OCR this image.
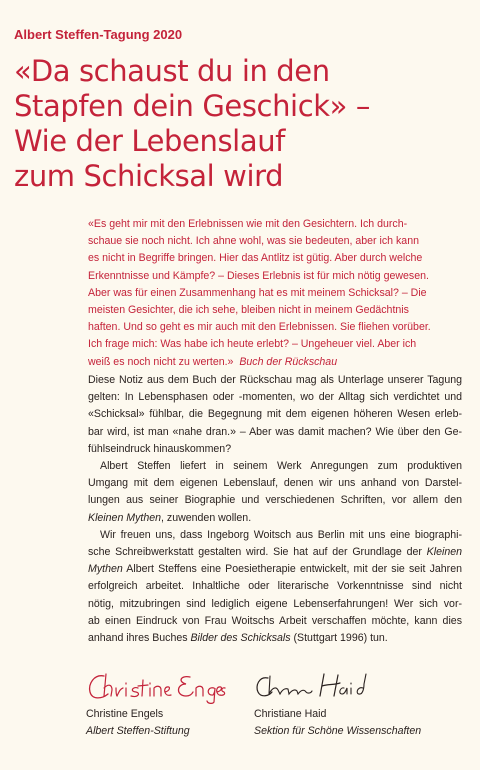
Albert Steffen-Tagung 2020
«Da schaust du in den
Stapfen dein Geschick» –
Wie der Lebenslauf
zum Schicksal wird
«Es geht mir mit den Erlebnissen wie mit den Gesichtern. Ich durch-
schaue sie noch nicht. Ich ahne wohl, was sie bedeuten, aber ich kann
es nicht in Begriffe bringen. Hier das Antlitz ist gütig. Aber durch welche
Erkenntnisse und Kämpfe? – Dieses Erlebnis ist für mich nötig gewesen.
Aber was für einen Zusammenhang hat es mit meinem Schicksal? – Die
meisten Gesichter, die ich sehe, bleiben nicht in meinem Gedächtnis
haften. Und so geht es mir auch mit den Erlebnissen. Sie fliehen vorüber.
Ich frage mich: Was habe ich heute erlebt? – Ungeheuer viel. Aber ich
weiß es noch nicht zu werten.» Buch der Rückschau
Diese Notiz aus dem Buch der Rückschau mag als Unterlage unserer Tagung
gelten: In Lebensphasen oder -momenten, wo der Alltag sich verdichtet und
«Schicksal» fühlbar, die Begegnung mit dem eigenen höheren Wesen erleb-
bar wird, ist man «nahe dran.» – Aber was damit machen? Wie über den Ge-
fühlseindruck hinauskommen?
Albert Steffen liefert in seinem Werk Anregungen zum produktiven
Umgang mit dem eigenen Lebenslauf, denen wir uns anhand von Darstel-
lungen aus seiner Biographie und verschiedenen Schriften, vor allem den
Kleinen Mythen, zuwenden wollen.
Wir freuen uns, dass Ingeborg Woitsch aus Berlin mit uns eine biographi-
sche Schreibwerkstatt gestalten wird. Sie hat auf der Grundlage der Kleinen
Mythen Albert Steffens eine Poesietherapie entwickelt, mit der sie seit Jahren
erfolgreich arbeitet. Inhaltliche oder literarische Vorkenntnisse sind nicht
nötig, mitzubringen sind lediglich eigene Lebenserfahrungen! Wer sich vor-
ab einen Eindruck von Frau Woitschs Arbeit verschaffen möchte, kann dies
anhand ihres Buches Bilder des Schicksals (Stuttgart 1996) tun.
Christine Engels
Albert Steffen-Stiftung
Christiane Haid
Sektion für Schöne Wissenschaften
